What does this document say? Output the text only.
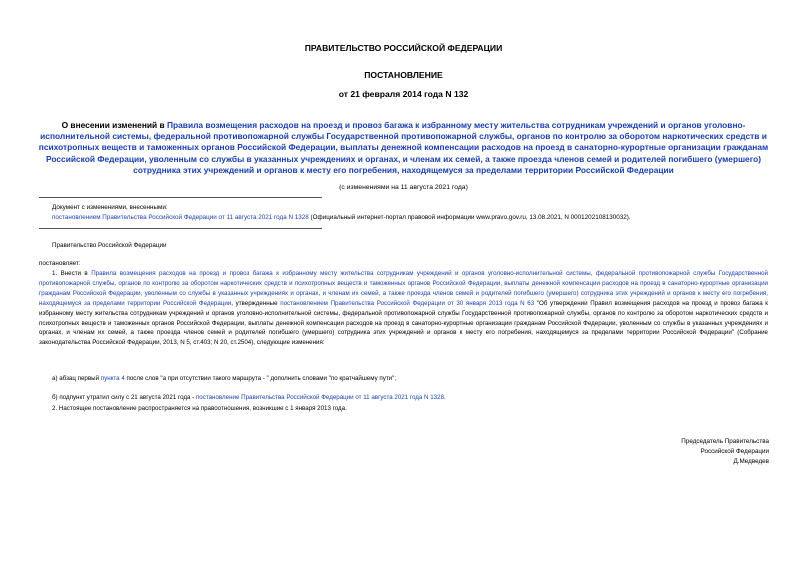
ПРАВИТЕЛЬСТВО РОССИЙСКОЙ ФЕДЕРАЦИИ
ПОСТАНОВЛЕНИЕ
от 21 февраля 2014 года N 132
О внесении изменений в Правила возмещения расходов на проезд и провоз багажа к избранному месту жительства сотрудникам учреждений и органов уголовно-исполнительной системы, федеральной противопожарной службы Государственной противопожарной службы, органов по контролю за оборотом наркотических средств и психотропных веществ и таможенных органов Российской Федерации, выплаты денежной компенсации расходов на проезд в санаторно-курортные организации гражданам Российской Федерации, уволенным со службы в указанных учреждениях и органах, и членам их семей, а также проезда членов семей и родителей погибшего (умершего) сотрудника этих учреждений и органов к месту его погребения, находящемуся за пределами территории Российской Федерации
(с изменениями на 11 августа 2021 года)
Документ с изменениями, внесенными:
постановлением Правительства Российской Федерации от 11 августа 2021 года N 1328 (Официальный интернет-портал правовой информации www.pravo.gov.ru, 13.08.2021, N 0001202108130032).
Правительство Российской Федерации
постановляет:
1. Внести в Правила возмещения расходов на проезд и провоз багажа к избранному месту жительства сотрудникам учреждений и органов уголовно-исполнительной системы, федеральной противопожарной службы Государственной противопожарной службы, органов по контролю за оборотом наркотических средств и психотропных веществ и таможенных органов Российской Федерации, выплаты денежной компенсации расходов на проезд в санаторно-курортные организации гражданам Российской Федерации, уволенным со службы в указанных учреждениях и органах, и членам их семей, а также проезда членов семей и родителей погибшего (умершего) сотрудника этих учреждений и органов к месту его погребения, находящемуся за пределами территории Российской Федерации, утвержденные постановлением Правительства Российской Федерации от 30 января 2013 года N 63 "Об утверждении Правил возмещения расходов на проезд и провоз багажа к избранному месту жительства сотрудникам учреждений и органов уголовно-исполнительной системы, федеральной противопожарной службы Государственной противопожарной службы, органов по контролю за оборотом наркотических средств и психотропных веществ и таможенных органов Российской Федерации, выплаты денежной компенсации расходов на проезд в санаторно-курортные организации гражданам Российской Федерации, уволенным со службы в указанных учреждениях и органах, и членам их семей, а также проезда членов семей и родителей погибшего (умершего) сотрудника этих учреждений и органов к месту его погребения, находящемуся за пределами территории Российской Федерации" (Собрание законодательства Российской Федерации, 2013, N 5, ст.403; N 20, ст.2504), следующие изменения:
а) абзац первый пункта 4 после слов "а при отсутствии такого маршрута - " дополнить словами "по кратчайшему пути";
б) подпункт утратил силу с 21 августа 2021 года - постановление Правительства Российской Федерации от 11 августа 2021 года N 1328.
2. Настоящее постановление распространяется на правоотношения, возникшие с 1 января 2013 года.
Председатель Правительства
Российской Федерации
Д.Медведев
